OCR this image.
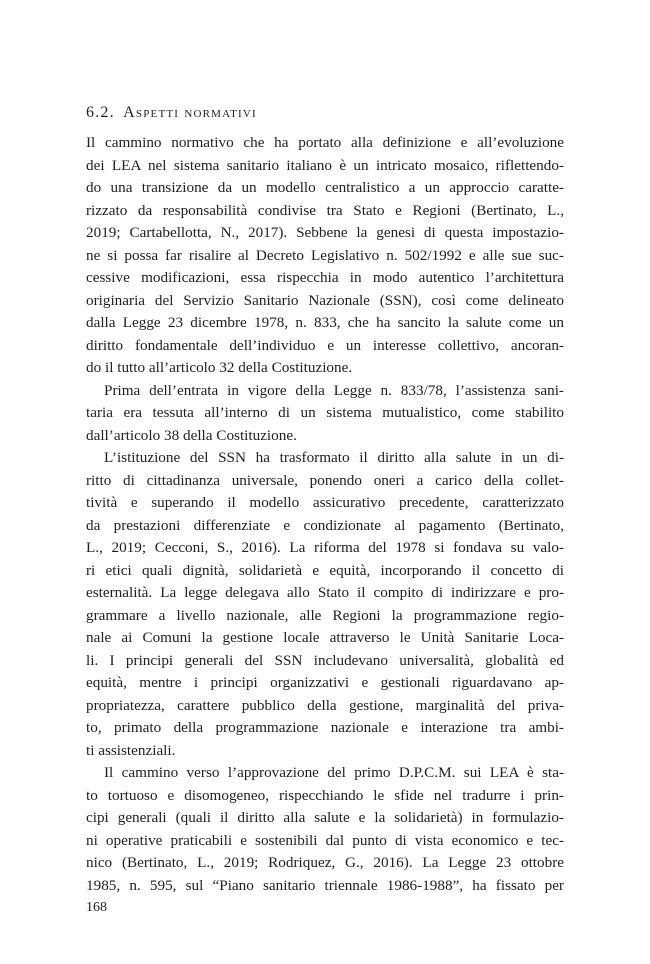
6.2. Aspetti normativi

Il cammino normativo che ha portato alla definizione e all’evoluzione
dei LEA nel sistema sanitario italiano è un intricato mosaico, riflettendo-
do una transizione da un modello centralistico a un approccio caratte-
rizzato da responsabilità condivise tra Stato e Regioni (Bertinato, L.,
2019; Cartabellotta, N., 2017). Sebbene la genesi di questa impostazio-
ne si possa far risalire al Decreto Legislativo n. 502/1992 e alle sue suc-
cessive modificazioni, essa rispecchia in modo autentico l’architettura
originaria del Servizio Sanitario Nazionale (SSN), così come delineato
dalla Legge 23 dicembre 1978, n. 833, che ha sancito la salute come un
diritto fondamentale dell’individuo e un interesse collettivo, ancoran-
do il tutto all’articolo 32 della Costituzione.

Prima dell’entrata in vigore della Legge n. 833/78, l’assistenza sani-
taria era tessuta all’interno di un sistema mutualistico, come stabilito
dall’articolo 38 della Costituzione.

L’istituzione del SSN ha trasformato il diritto alla salute in un di-
ritto di cittadinanza universale, ponendo oneri a carico della collet-
tività e superando il modello assicurativo precedente, caratterizzato
da prestazioni differenziate e condizionate al pagamento (Bertinato,
L., 2019; Cecconi, S., 2016). La riforma del 1978 si fondava su valo-
ri etici quali dignità, solidarietà e equità, incorporando il concetto di
esternalità. La legge delegava allo Stato il compito di indirizzare e pro-
grammare a livello nazionale, alle Regioni la programmazione regio-
nale ai Comuni la gestione locale attraverso le Unità Sanitarie Loca-
li. I principi generali del SSN includevano universalità, globalità ed
equità, mentre i principi organizzativi e gestionali riguardavano ap-
propriatezza, carattere pubblico della gestione, marginalità del priva-
to, primato della programmazione nazionale e interazione tra ambi-
ti assistenziali.

Il cammino verso l’approvazione del primo D.P.C.M. sui LEA è sta-
to tortuoso e disomogeneo, rispecchiando le sfide nel tradurre i prin-
cipi generali (quali il diritto alla salute e la solidarietà) in formulazio-
ni operative praticabili e sostenibili dal punto di vista economico e tec-
nico (Bertinato, L., 2019; Rodriquez, G., 2016). La Legge 23 ottobre
1985, n. 595, sul “Piano sanitario triennale 1986-1988”, ha fissato per

168
